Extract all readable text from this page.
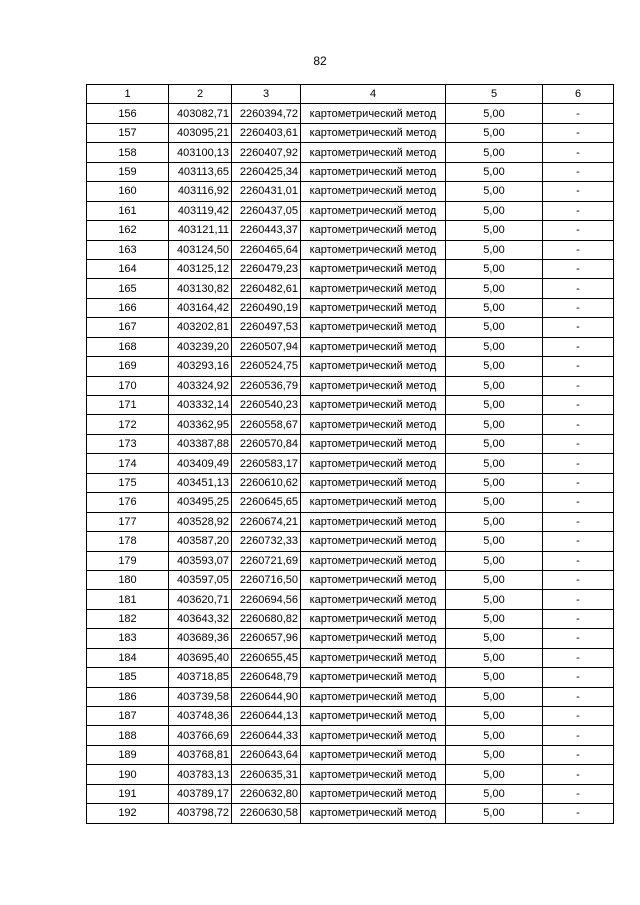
82
1	2	3	4	5	6
156	403082,71	2260394,72	картометрический метод	5,00	-
157	403095,21	2260403,61	картометрический метод	5,00	-
158	403100,13	2260407,92	картометрический метод	5,00	-
159	403113,65	2260425,34	картометрический метод	5,00	-
160	403116,92	2260431,01	картометрический метод	5,00	-
161	403119,42	2260437,05	картометрический метод	5,00	-
162	403121,11	2260443,37	картометрический метод	5,00	-
163	403124,50	2260465,64	картометрический метод	5,00	-
164	403125,12	2260479,23	картометрический метод	5,00	-
165	403130,82	2260482,61	картометрический метод	5,00	-
166	403164,42	2260490,19	картометрический метод	5,00	-
167	403202,81	2260497,53	картометрический метод	5,00	-
168	403239,20	2260507,94	картометрический метод	5,00	-
169	403293,16	2260524,75	картометрический метод	5,00	-
170	403324,92	2260536,79	картометрический метод	5,00	-
171	403332,14	2260540,23	картометрический метод	5,00	-
172	403362,95	2260558,67	картометрический метод	5,00	-
173	403387,88	2260570,84	картометрический метод	5,00	-
174	403409,49	2260583,17	картометрический метод	5,00	-
175	403451,13	2260610,62	картометрический метод	5,00	-
176	403495,25	2260645,65	картометрический метод	5,00	-
177	403528,92	2260674,21	картометрический метод	5,00	-
178	403587,20	2260732,33	картометрический метод	5,00	-
179	403593,07	2260721,69	картометрический метод	5,00	-
180	403597,05	2260716,50	картометрический метод	5,00	-
181	403620,71	2260694,56	картометрический метод	5,00	-
182	403643,32	2260680,82	картометрический метод	5,00	-
183	403689,36	2260657,96	картометрический метод	5,00	-
184	403695,40	2260655,45	картометрический метод	5,00	-
185	403718,85	2260648,79	картометрический метод	5,00	-
186	403739,58	2260644,90	картометрический метод	5,00	-
187	403748,36	2260644,13	картометрический метод	5,00	-
188	403766,69	2260644,33	картометрический метод	5,00	-
189	403768,81	2260643,64	картометрический метод	5,00	-
190	403783,13	2260635,31	картометрический метод	5,00	-
191	403789,17	2260632,80	картометрический метод	5,00	-
192	403798,72	2260630,58	картометрический метод	5,00	-
